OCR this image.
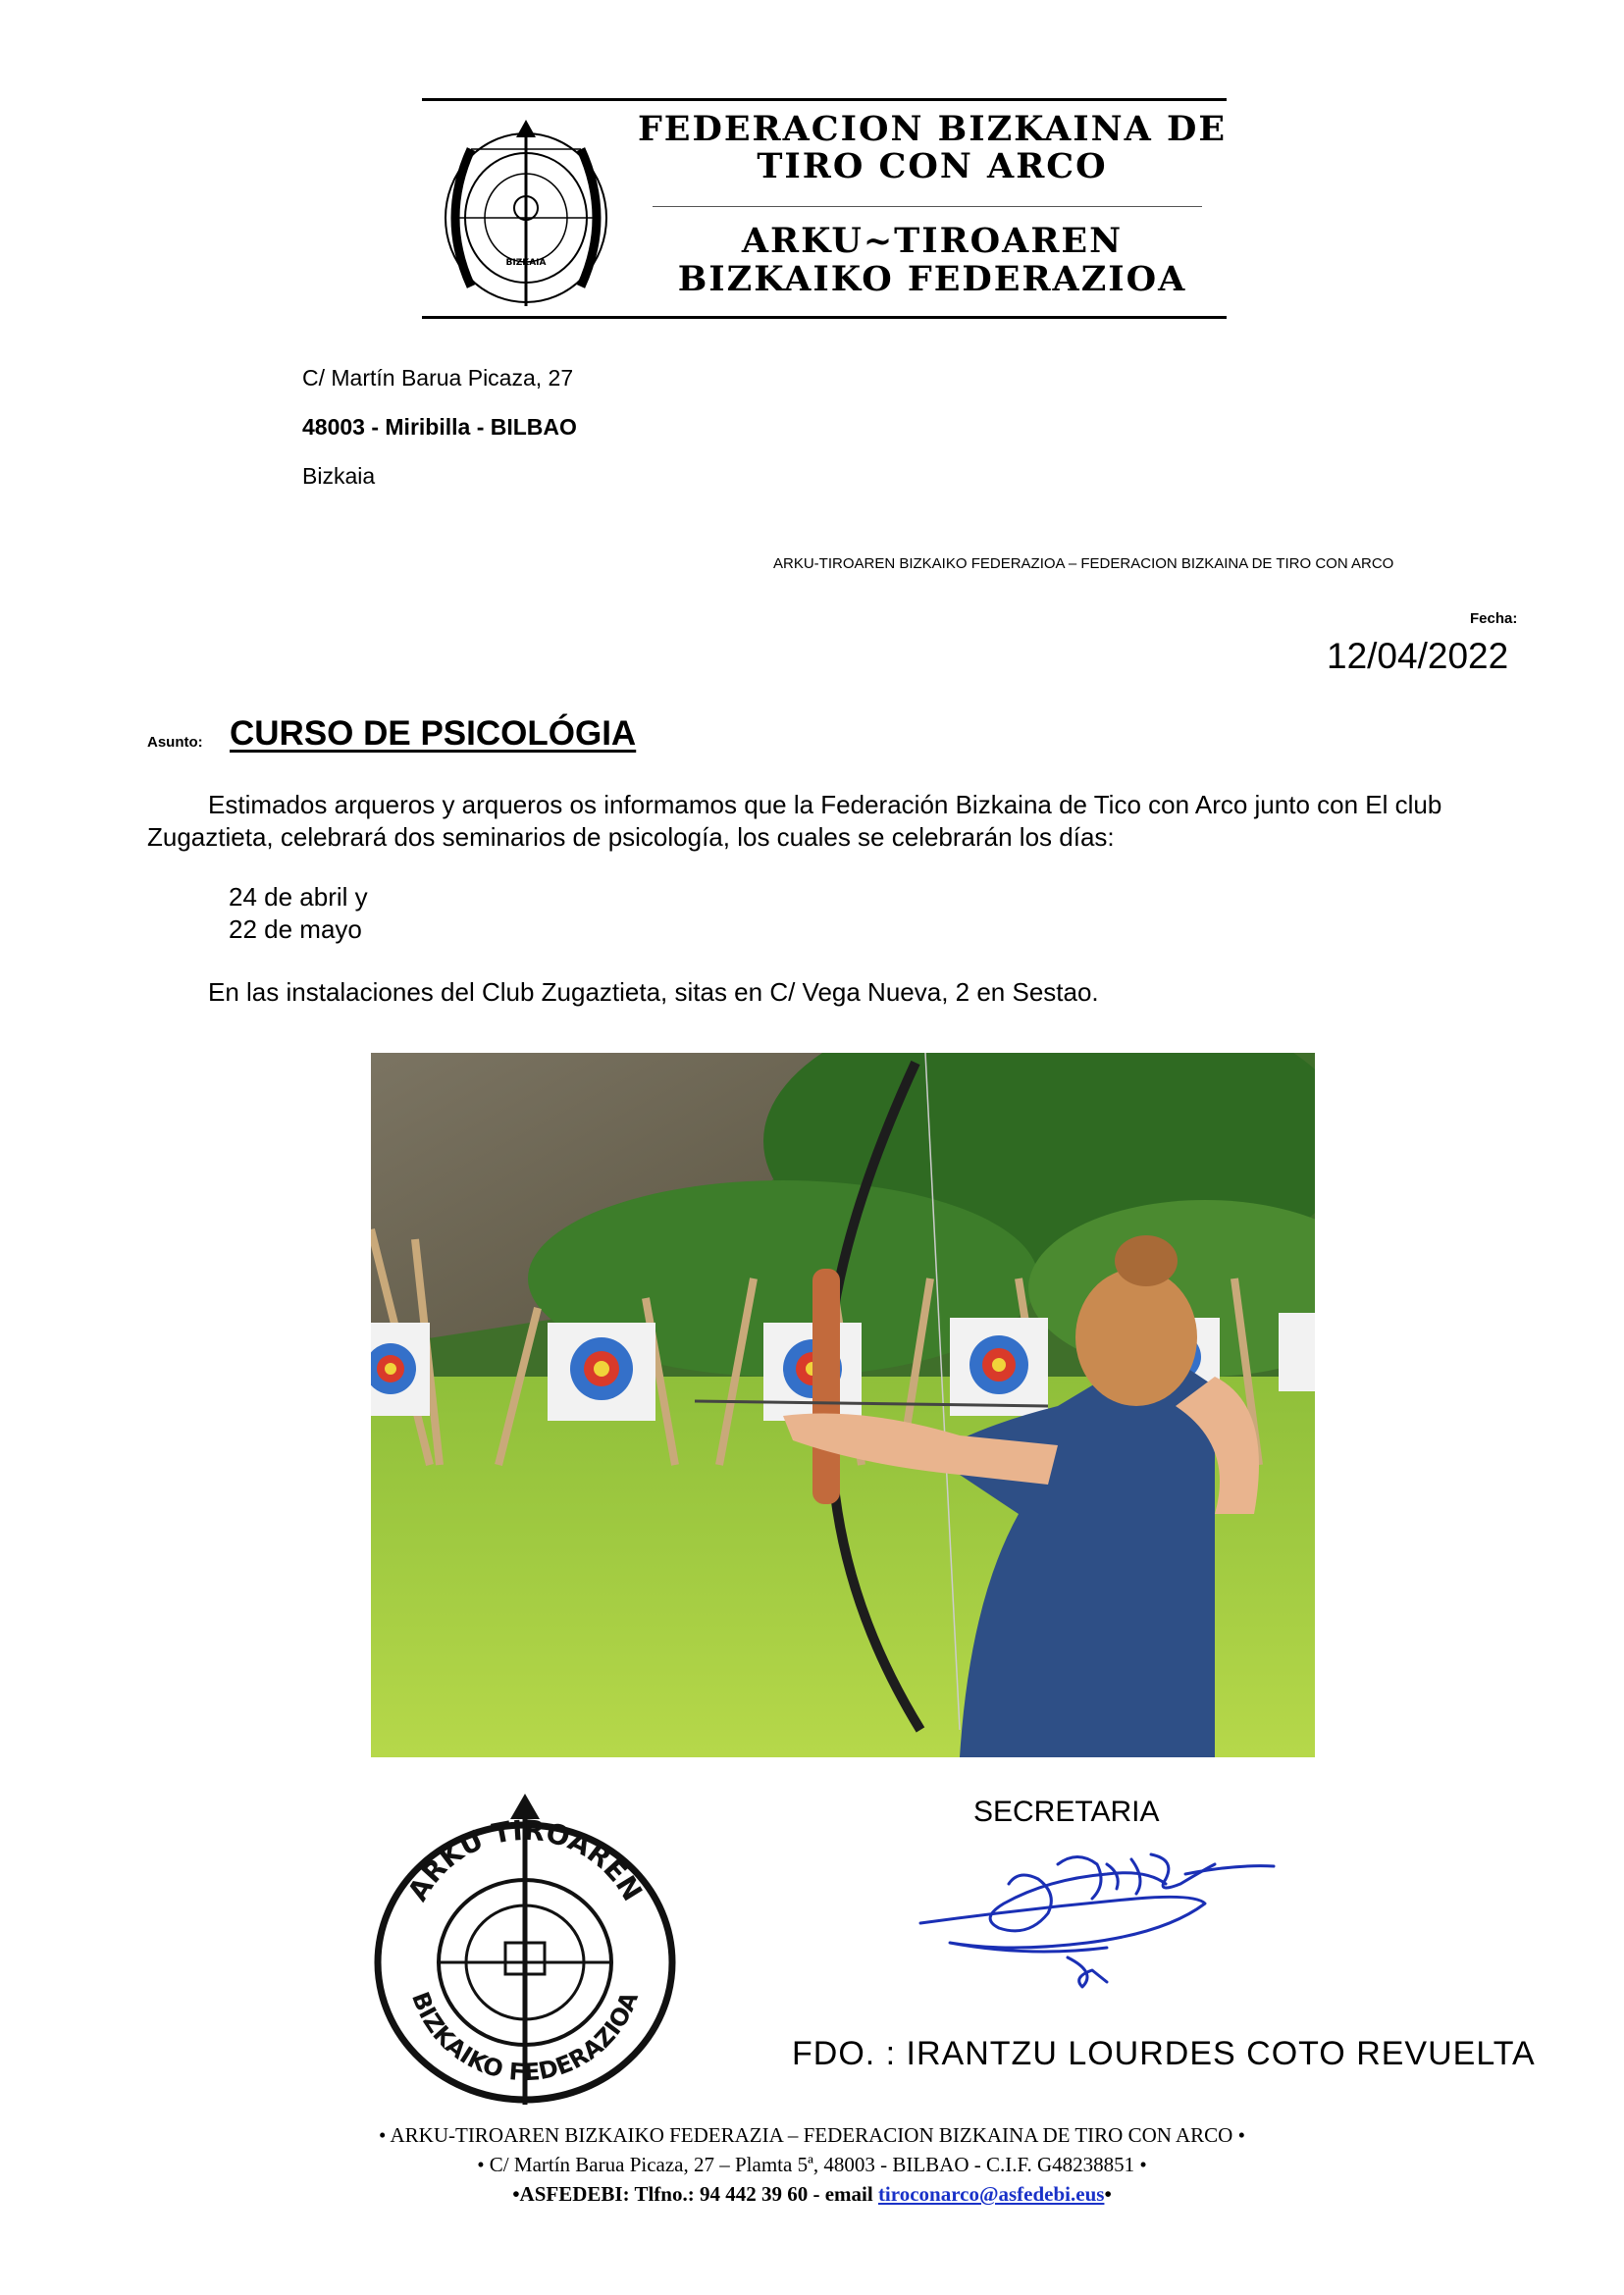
BIZKAIA
FEDERACION BIZKAINA DE
TIRO CON ARCO
ARKU~TIROAREN
BIZKAIKO FEDERAZIOA
C/ Martín Barua Picaza, 27
48003 - Miribilla - BILBAO
Bizkaia
ARKU-TIROAREN BIZKAIKO FEDERAZIOA – FEDERACION BIZKAINA DE TIRO CON ARCO
Fecha:
12/04/2022
Asunto: CURSO DE PSICOLÓGIA
Estimados arqueros y arqueros os informamos que la Federación Bizkaina de Tico con Arco junto con El club
Zugaztieta, celebrará dos seminarios de psicología, los cuales se celebrarán los días:
24 de abril y
22 de mayo
En las instalaciones del Club Zugaztieta, sitas en C/ Vega Nueva, 2 en Sestao.
ARKU TIROAREN
BIZKAIKO FEDERAZIOA
SECRETARIA
FDO. : IRANTZU LOURDES COTO REVUELTA
• ARKU-TIROAREN BIZKAIKO FEDERAZIA – FEDERACION BIZKAINA DE TIRO CON ARCO •
• C/ Martín Barua Picaza, 27 – Plamta 5ª, 48003 - BILBAO - C.I.F. G48238851 •
•ASFEDEBI: Tlfno.: 94 442 39 60 - email tiroconarco@asfedebi.eus•
